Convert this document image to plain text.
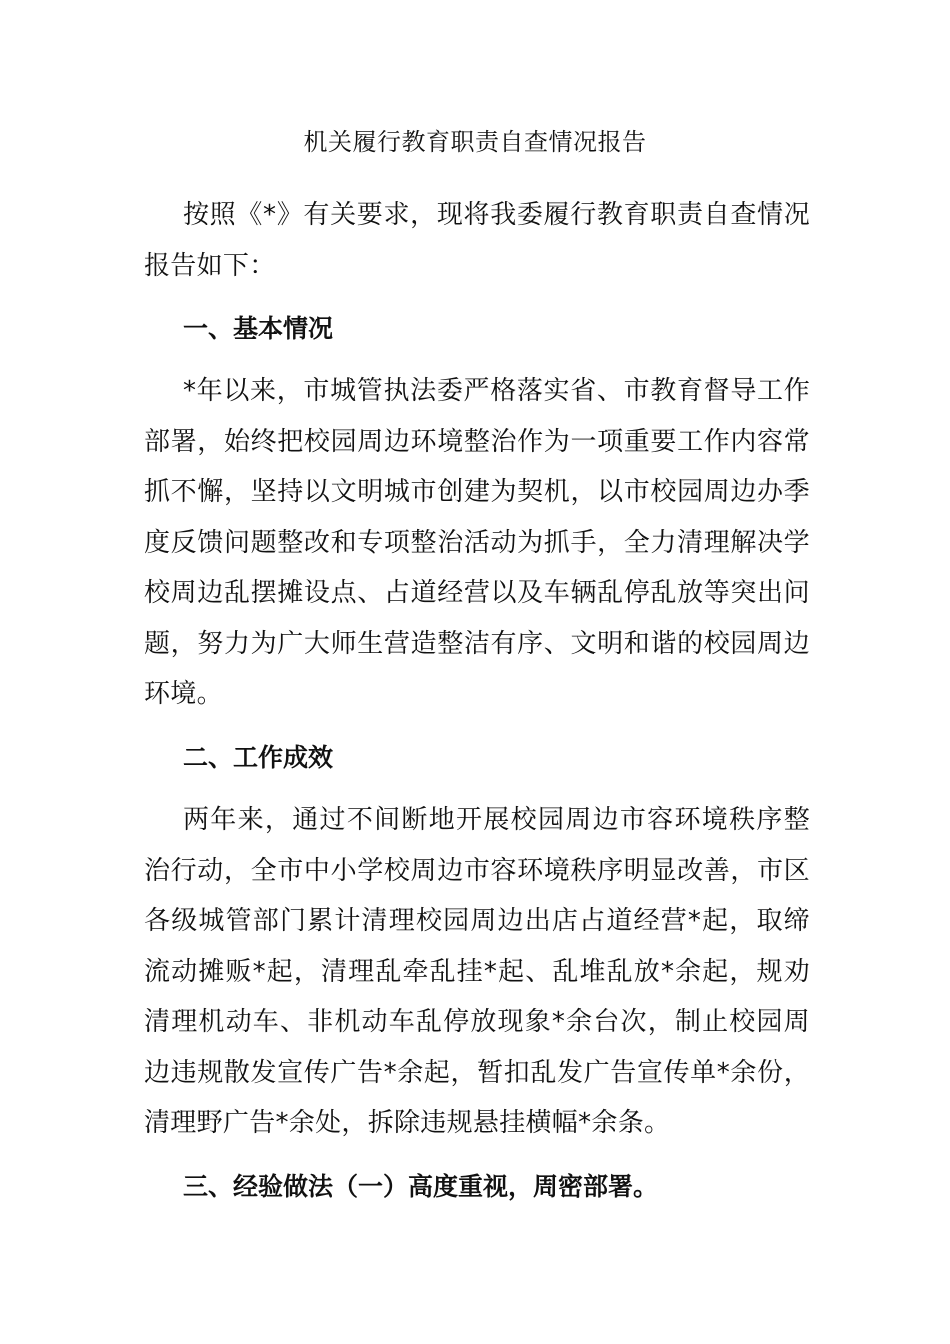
机关履行教育职责自查情况报告

按照《*》有关要求，现将我委履行教育职责自查情况报告如下：

一、基本情况

*年以来，市城管执法委严格落实省、市教育督导工作部署，始终把校园周边环境整治作为一项重要工作内容常抓不懈，坚持以文明城市创建为契机，以市校园周边办季度反馈问题整改和专项整治活动为抓手，全力清理解决学校周边乱摆摊设点、占道经营以及车辆乱停乱放等突出问题，努力为广大师生营造整洁有序、文明和谐的校园周边环境。

二、工作成效

两年来，通过不间断地开展校园周边市容环境秩序整治行动，全市中小学校周边市容环境秩序明显改善，市区各级城管部门累计清理校园周边出店占道经营*起，取缔流动摊贩*起，清理乱牵乱挂*起、乱堆乱放*余起，规劝清理机动车、非机动车乱停放现象*余台次，制止校园周边违规散发宣传广告*余起，暂扣乱发广告宣传单*余份，清理野广告*余处，拆除违规悬挂横幅*余条。

三、经验做法（一）高度重视，周密部署。
